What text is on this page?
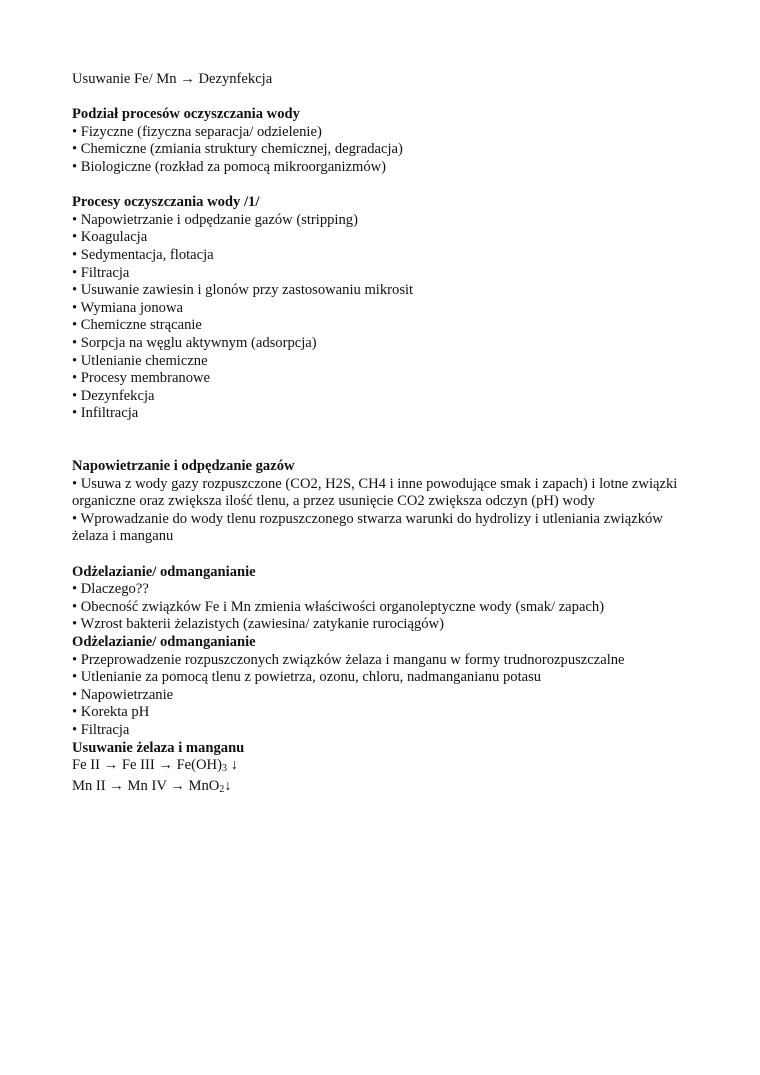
Usuwanie Fe/ Mn → Dezynfekcja
Podział procesów oczyszczania wody
• Fizyczne (fizyczna separacja/ odzielenie)
• Chemiczne (zmiania struktury chemicznej, degradacja)
• Biologiczne (rozkład za pomocą mikroorganizmów)
Procesy oczyszczania wody /1/
• Napowietrzanie i odpędzanie gazów (stripping)
• Koagulacja
• Sedymentacja, flotacja
• Filtracja
• Usuwanie zawiesin i glonów przy zastosowaniu mikrosit
• Wymiana jonowa
• Chemiczne strącanie
• Sorpcja na węglu aktywnym (adsorpcja)
• Utlenianie chemiczne
• Procesy membranowe
• Dezynfekcja
• Infiltracja
Napowietrzanie i odpędzanie gazów
• Usuwa z wody gazy rozpuszczone (CO2, H2S, CH4 i inne powodujące smak i zapach) i lotne związki organiczne oraz zwiększa ilość tlenu, a przez usunięcie CO2 zwiększa odczyn (pH) wody
• Wprowadzanie do wody tlenu rozpuszczonego stwarza warunki do hydrolizy i utleniania związków żelaza i manganu
Odżelazianie/ odmanganianie
• Dlaczego??
• Obecność związków Fe i Mn zmienia właściwości organoleptyczne wody (smak/ zapach)
• Wzrost bakterii żelazistych (zawiesina/ zatykanie rurociągów)
Odżelazianie/ odmanganianie
• Przeprowadzenie rozpuszczonych związków żelaza i manganu w formy trudnorozpuszczalne
• Utlenianie za pomocą tlenu z powietrza, ozonu, chloru, nadmanganianu potasu
• Napowietrzanie
• Korekta pH
• Filtracja
Usuwanie żelaza i manganu
Fe II → Fe III → $Fe(OH)_3$ ↓
Mn II → Mn IV → MnO$_2$↓
